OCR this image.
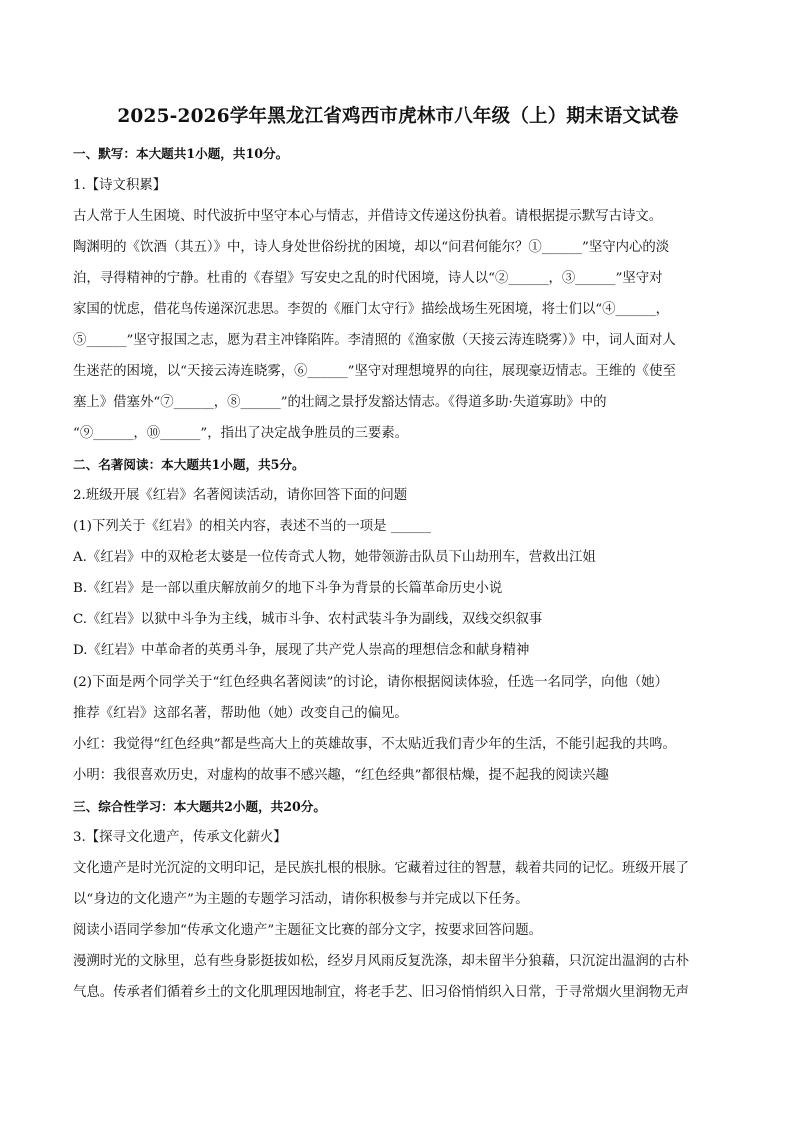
2025-2026学年黑龙江省鸡西市虎林市八年级（上）期末语文试卷
一、默写：本大题共1小题，共10分。
1.【诗文积累】
古人常于人生困境、时代波折中坚守本心与情志，并借诗文传递这份执着。请根据提示默写古诗文。
陶渊明的《饮酒（其五）》中，诗人身处世俗纷扰的困境，却以“问君何能尔？①______”坚守内心的淡
泊，寻得精神的宁静。杜甫的《春望》写安史之乱的时代困境，诗人以“②______，③______”坚守对
家国的忧虑，借花鸟传递深沉悲思。李贺的《雁门太守行》描绘战场生死困境，将士们以“④______，
⑤______”坚守报国之志，愿为君主冲锋陷阵。李清照的《渔家傲（天接云涛连晓雾）》中，词人面对人
生迷茫的困境，以“天接云涛连晓雾，⑥______”坚守对理想境界的向往，展现豪迈情志。王维的《使至
塞上》借塞外“⑦______，⑧______”的壮阔之景抒发豁达情志。《得道多助·失道寡助》中的
“⑨______，⑩______”，指出了决定战争胜员的三要素。
二、名著阅读：本大题共1小题，共5分。
2.班级开展《红岩》名著阅读活动，请你回答下面的问题
(1)下列关于《红岩》的相关内容，表述不当的一项是 ______
A.《红岩》中的双枪老太婆是一位传奇式人物，她带领游击队员下山劫刑车，营救出江姐
B.《红岩》是一部以重庆解放前夕的地下斗争为背景的长篇革命历史小说
C.《红岩》以狱中斗争为主线，城市斗争、农村武装斗争为副线，双线交织叙事
D.《红岩》中革命者的英勇斗争，展现了共产党人崇高的理想信念和献身精神
(2)下面是两个同学关于“红色经典名著阅读”的讨论，请你根据阅读体验，任选一名同学，向他（她）
推荐《红岩》这部名著，帮助他（她）改变自己的偏见。
小红：我觉得“红色经典”都是些高大上的英雄故事，不太贴近我们青少年的生活，不能引起我的共鸣。
小明：我很喜欢历史，对虚构的故事不感兴趣，“红色经典”都很枯燥，提不起我的阅读兴趣
三、综合性学习：本大题共2小题，共20分。
3.【探寻文化遗产，传承文化薪火】
文化遗产是时光沉淀的文明印记，是民族扎根的根脉。它藏着过往的智慧，载着共同的记忆。班级开展了
以“身边的文化遗产”为主题的专题学习活动，请你积极参与并完成以下任务。
阅读小语同学参加“传承文化遗产”主题征文比赛的部分文字，按要求回答问题。
漫溯时光的文脉里，总有些身影挺拔如松，经岁月风雨反复洗涤，却未留半分狼藉，只沉淀出温润的古朴
气息。传承者们循着乡土的文化肌理因地制宜，将老手艺、旧习俗悄悄织入日常，于寻常烟火里润物无声
